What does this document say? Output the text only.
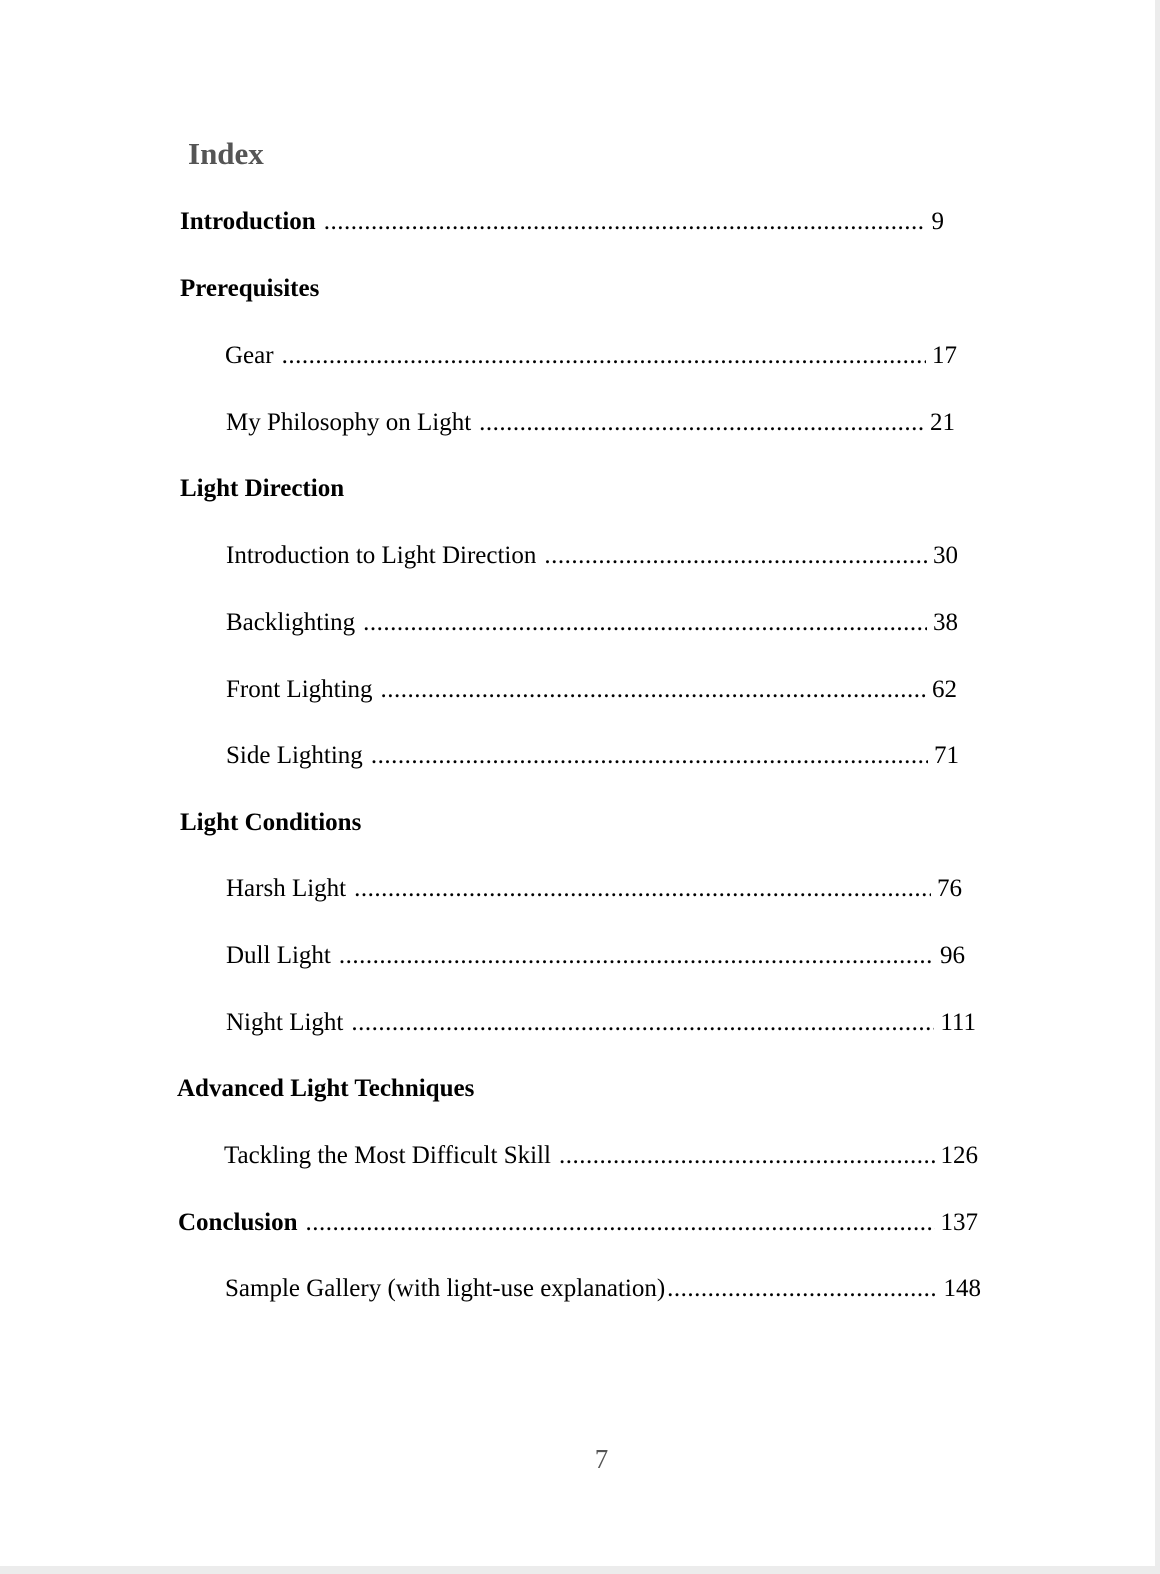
Index
Introduction .....	9
Prerequisites
Gear .....	17
My Philosophy on Light .....	21
Light Direction
Introduction to Light Direction .....	30
Backlighting .....	38
Front Lighting .....	62
Side Lighting .....	71
Light Conditions
Harsh Light .....	76
Dull Light .....	96
Night Light .....	111
Advanced Light Techniques
Tackling the Most Difficult Skill .....	126
Conclusion .....	137
Sample Gallery (with light-use explanation) .....	148
7
